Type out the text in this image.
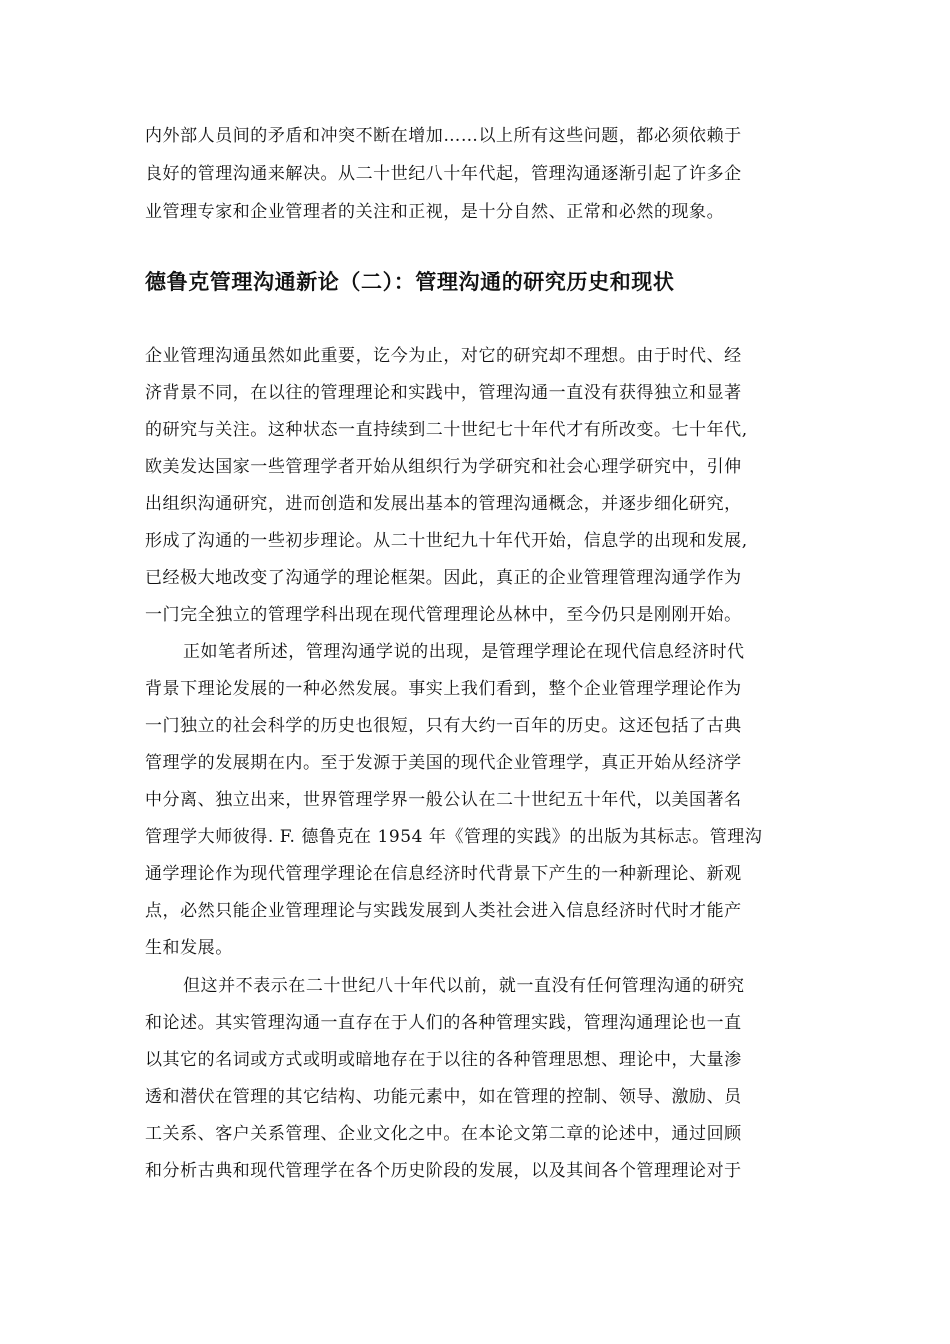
内外部人员间的矛盾和冲突不断在增加……以上所有这些问题，都必须依赖于
良好的管理沟通来解决。从二十世纪八十年代起，管理沟通逐渐引起了许多企
业管理专家和企业管理者的关注和正视，是十分自然、正常和必然的现象。
德鲁克管理沟通新论（二）：管理沟通的研究历史和现状
企业管理沟通虽然如此重要，讫今为止，对它的研究却不理想。由于时代、经
济背景不同，在以往的管理理论和实践中，管理沟通一直没有获得独立和显著
的研究与关注。这种状态一直持续到二十世纪七十年代才有所改变。七十年代,
欧美发达国家一些管理学者开始从组织行为学研究和社会心理学研究中，引伸
出组织沟通研究，进而创造和发展出基本的管理沟通概念，并逐步细化研究，
形成了沟通的一些初步理论。从二十世纪九十年代开始，信息学的出现和发展,
已经极大地改变了沟通学的理论框架。因此，真正的企业管理管理沟通学作为
一门完全独立的管理学科出现在现代管理理论丛林中，至今仍只是刚刚开始。
正如笔者所述，管理沟通学说的出现，是管理学理论在现代信息经济时代
背景下理论发展的一种必然发展。事实上我们看到，整个企业管理学理论作为
一门独立的社会科学的历史也很短，只有大约一百年的历史。这还包括了古典
管理学的发展期在内。至于发源于美国的现代企业管理学，真正开始从经济学
中分离、独立出来，世界管理学界一般公认在二十世纪五十年代，以美国著名
管理学大师彼得. F. 德鲁克在 1954 年《管理的实践》的出版为其标志。管理沟
通学理论作为现代管理学理论在信息经济时代背景下产生的一种新理论、新观
点，必然只能企业管理理论与实践发展到人类社会进入信息经济时代时才能产
生和发展。
但这并不表示在二十世纪八十年代以前，就一直没有任何管理沟通的研究
和论述。其实管理沟通一直存在于人们的各种管理实践，管理沟通理论也一直
以其它的名词或方式或明或暗地存在于以往的各种管理思想、理论中，大量渗
透和潜伏在管理的其它结构、功能元素中，如在管理的控制、领导、激励、员
工关系、客户关系管理、企业文化之中。在本论文第二章的论述中，通过回顾
和分析古典和现代管理学在各个历史阶段的发展，以及其间各个管理理论对于
